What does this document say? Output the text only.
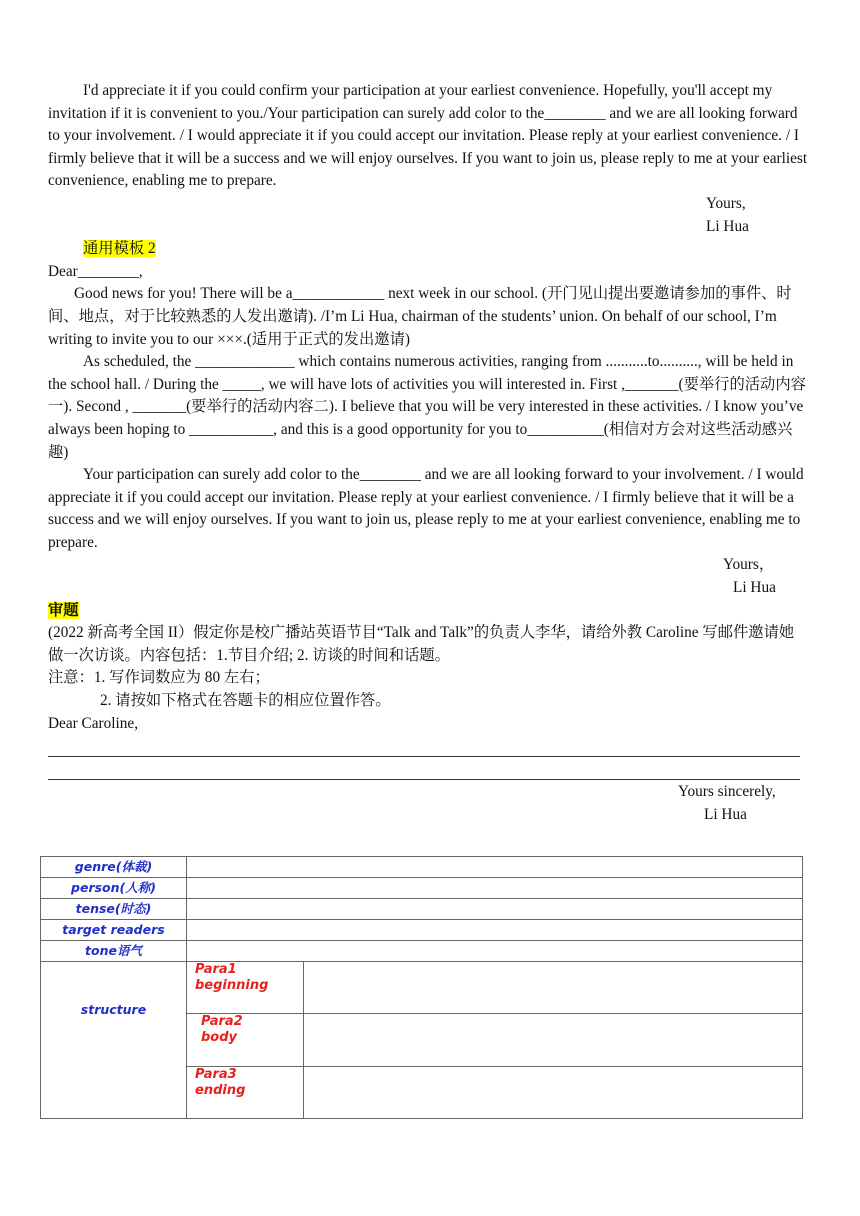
I'd appreciate it if you could confirm your participation at your earliest convenience. Hopefully, you'll accept my invitation if it is convenient to you./Your participation can surely add color to the________ and we are all looking forward to your involvement. / I would appreciate it if you could accept our invitation. Please reply at your earliest convenience. / I firmly believe that it will be a success and we will enjoy ourselves. If you want to join us, please reply to me at your earliest convenience, enabling me to prepare.

Yours,

Li Hua

通用模板 2

Dear________,

Good news for you! There will be a____________ next week in our school. (开门见山提出要邀请参加的事件、时间、地点，对于比较熟悉的人发出邀请). /I’m Li Hua, chairman of the students’ union. On behalf of our school, I’m writing to invite you to our ×××.(适用于正式的发出邀请)

As scheduled, the _____________ which contains numerous activities, ranging from ...........to.........., will be held in the school hall. / During the _____, we will have lots of activities you will interested in. First ,_______(要举行的活动内容一). Second , _______(要举行的活动内容二). I believe that you will be very interested in these activities. / I know you’ve always been hoping to ___________, and this is a good opportunity for you to__________(相信对方会对这些活动感兴趣)

Your participation can surely add color to the________ and we are all looking forward to your involvement. / I would appreciate it if you could accept our invitation. Please reply at your earliest convenience. / I firmly believe that it will be a success and we will enjoy ourselves. If you want to join us, please reply to me at your earliest convenience, enabling me to prepare.

Yours，

Li Hua

审题

(2022 新高考全国 II）假定你是校广播站英语节目“Talk and Talk”的负责人李华，请给外教 Caroline 写邮件邀请她做一次访谈。内容包括：1.节目介绍; 2. 访谈的时间和话题。

注意：1. 写作词数应为 80 左右；

2. 请按如下格式在答题卡的相应位置作答。

Dear Caroline,

Yours sincerely,

Li Hua

genre(体裁)		
person(人称)		
tense(时态)		
target readers		
tone语气		
structure	Para1
beginning	

	Para2
body	

	Para3
ending	
